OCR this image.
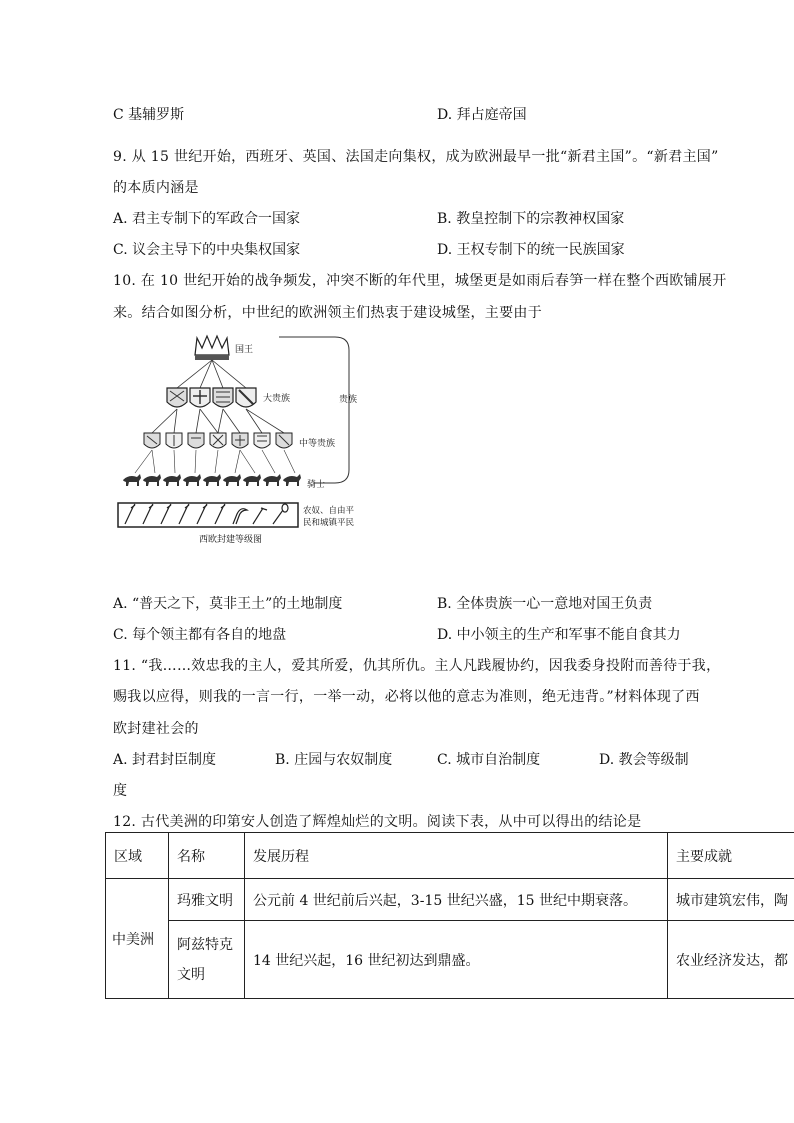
C 基辅罗斯	D. 拜占庭帝国
9. 从 15 世纪开始，西班牙、英国、法国走向集权，成为欧洲最早一批“新君主国”。“新君主国”
的本质内涵是
A. 君主专制下的军政合一国家	B. 教皇控制下的宗教神权国家
C. 议会主导下的中央集权国家	D. 王权专制下的统一民族国家
10. 在 10 世纪开始的战争频发，冲突不断的年代里，城堡更是如雨后春笋一样在整个西欧铺展开
来。结合如图分析，中世纪的欧洲领主们热衷于建设城堡，主要由于
国王
大贵族
中等贵族
骑士
贵族
农奴、自由平
民和城镇平民
西欧封建等级图
A. “普天之下，莫非王土”的土地制度	B. 全体贵族一心一意地对国王负责
C. 每个领主都有各自的地盘	D. 中小领主的生产和军事不能自食其力
11. “我……效忠我的主人，爱其所爱，仇其所仇。主人凡践履协约，因我委身投附而善待于我，
赐我以应得，则我的一言一行，一举一动，必将以他的意志为准则，绝无违背。”材料体现了西
欧封建社会的
A. 封君封臣制度	B. 庄园与农奴制度	C. 城市自治制度	D. 教会等级制
度
12. 古代美洲的印第安人创造了辉煌灿烂的文明。阅读下表，从中可以得出的结论是
区域	名称	发展历程	主要成就
中美洲	玛雅文明	公元前 4 世纪前后兴起，3-15 世纪兴盛，15 世纪中期衰落。	城市建筑宏伟，陶

	阿兹特克
文明	14 世纪兴起，16 世纪初达到鼎盛。	农业经济发达，都
